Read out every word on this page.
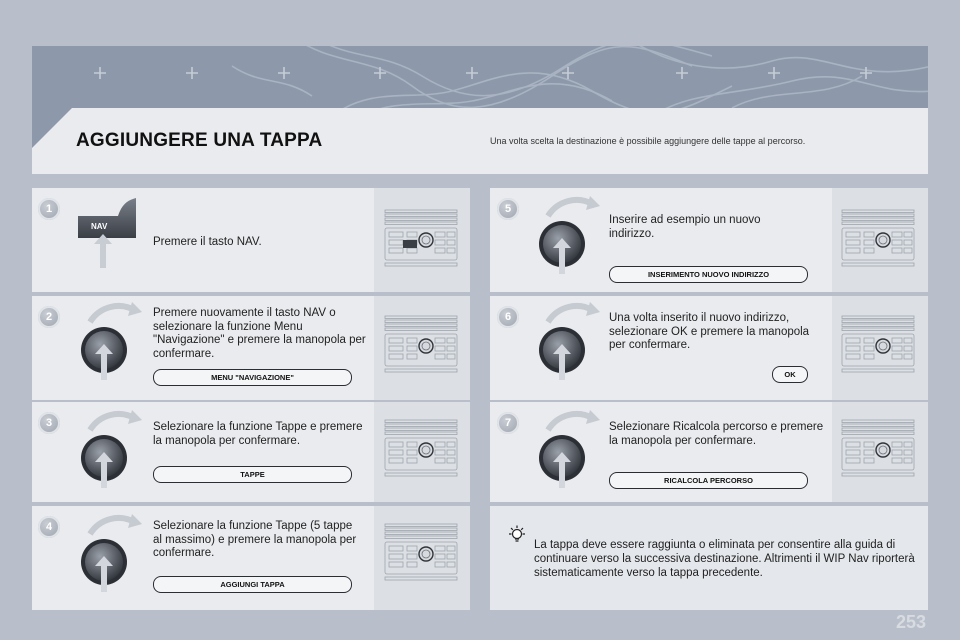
AGGIUNGERE UNA TAPPA	Una volta scelta la destinazione è possibile aggiungere delle tappe al percorso.
1
NAV
Premere il tasto NAV.
2	Premere nuovamente il tasto NAV o selezionare la funzione Menu "Navigazione" e premere la manopola per confermare.
MENU "NAVIGAZIONE"
3	Selezionare la funzione Tappe e premere la manopola per confermare.
TAPPE
4	Selezionare la funzione Tappe (5 tappe al massimo) e premere la manopola per confermare.
AGGIUNGI TAPPA
5
Inserire ad esempio un nuovo indirizzo.
INSERIMENTO NUOVO INDIRIZZO
6	Una volta inserito il nuovo indirizzo, selezionare OK e premere la manopola per confermare.
OK
7	Selezionare Ricalcola percorso e premere la manopola per confermare.
RICALCOLA PERCORSO
La tappa deve essere raggiunta o eliminata per consentire alla guida di continuare verso la successiva destinazione. Altrimenti il WIP Nav riporterà sistematicamente verso la tappa precedente.
253
